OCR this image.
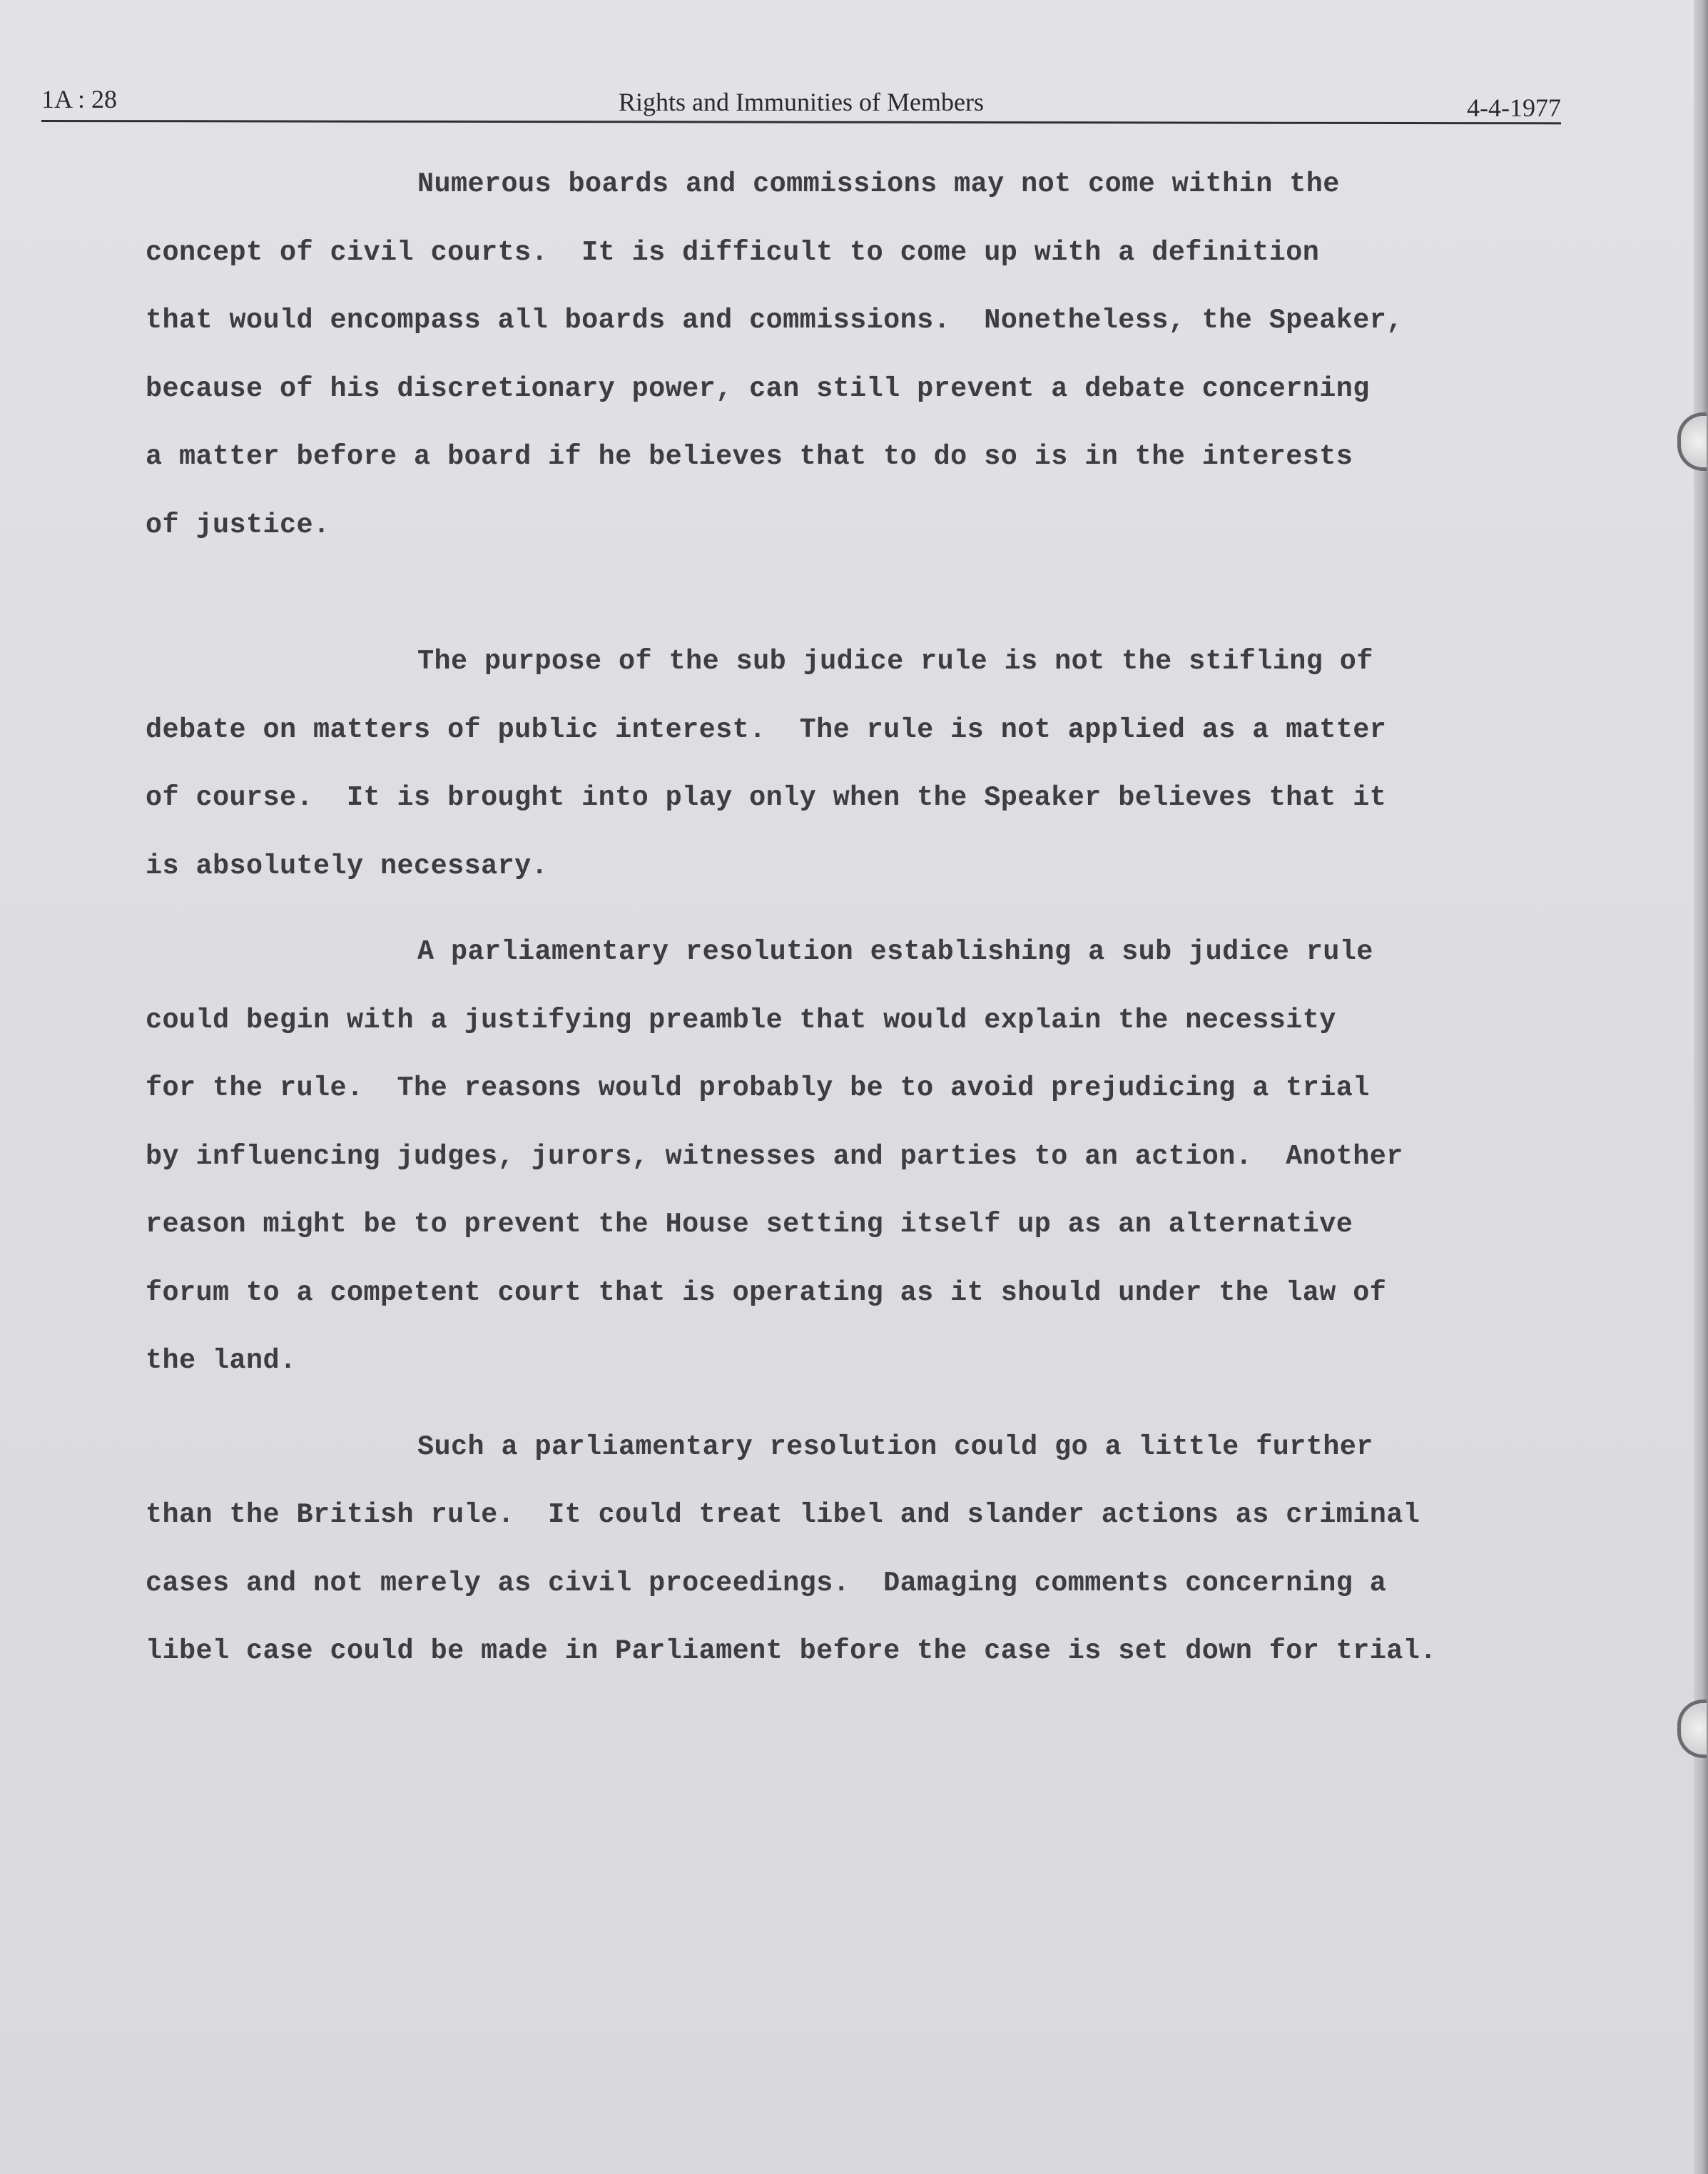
1A : 28	Rights and Immunities of Members	4-4-1977
Numerous boards and commissions may not come within the
concept of civil courts.  It is difficult to come up with a definition
that would encompass all boards and commissions.  Nonetheless, the Speaker,
because of his discretionary power, can still prevent a debate concerning
a matter before a board if he believes that to do so is in the interests
of justice.
The purpose of the sub judice rule is not the stifling of
debate on matters of public interest.  The rule is not applied as a matter
of course.  It is brought into play only when the Speaker believes that it
is absolutely necessary.
A parliamentary resolution establishing a sub judice rule
could begin with a justifying preamble that would explain the necessity
for the rule.  The reasons would probably be to avoid prejudicing a trial
by influencing judges, jurors, witnesses and parties to an action.  Another
reason might be to prevent the House setting itself up as an alternative
forum to a competent court that is operating as it should under the law of
the land.
Such a parliamentary resolution could go a little further
than the British rule.  It could treat libel and slander actions as criminal
cases and not merely as civil proceedings.  Damaging comments concerning a
libel case could be made in Parliament before the case is set down for trial.
